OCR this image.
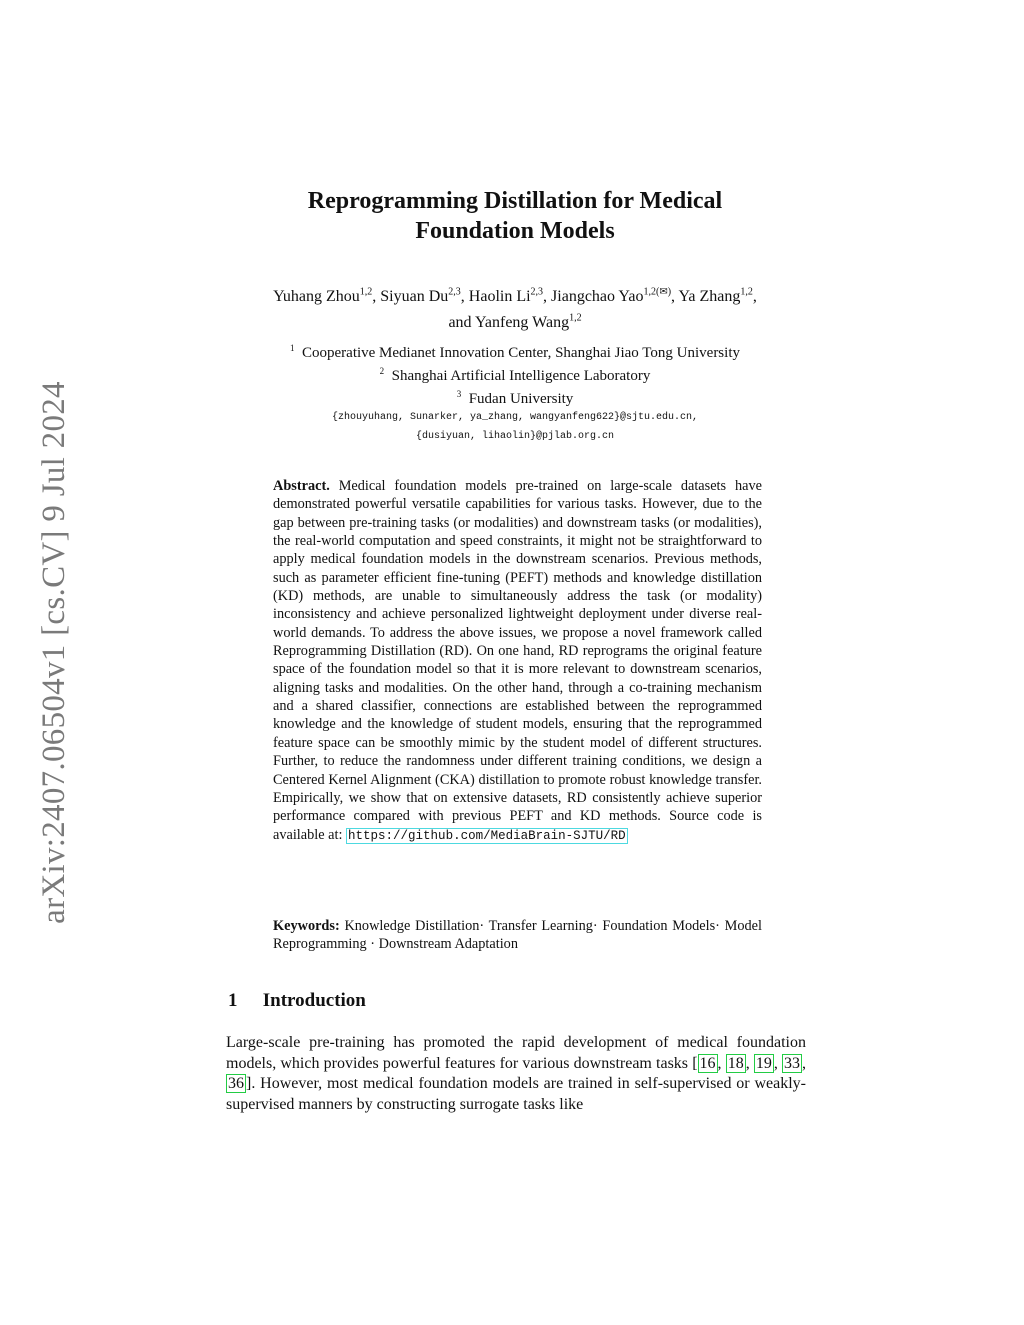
arXiv:2407.06504v1 [cs.CV] 9 Jul 2024
Reprogramming Distillation for Medical
Foundation Models
Yuhang Zhou$^{1,2}$, Siyuan Du$^{2,3}$, Haolin Li$^{2,3}$, Jiangchao Yao$^{1,2(✉)}$, Ya Zhang$^{1,2}$,
and Yanfeng Wang$^{1,2}$
$^1$ Cooperative Medianet Innovation Center, Shanghai Jiao Tong University
$^2$ Shanghai Artificial Intelligence Laboratory
$^3$ Fudan University
{zhouyuhang, Sunarker, ya_zhang, wangyanfeng622}@sjtu.edu.cn,
{dusiyuan, lihaolin}@pjlab.org.cn
Abstract. Medical foundation models pre-trained on large-scale datasets have demonstrated powerful versatile capabilities for various tasks. However, due to the gap between pre-training tasks (or modalities) and downstream tasks (or modalities), the real-world computation and speed constraints, it might not be straightforward to apply medical foundation models in the downstream scenarios. Previous methods, such as parameter efficient fine-tuning (PEFT) methods and knowledge distillation (KD) methods, are unable to simultaneously address the task (or modality) inconsistency and achieve personalized lightweight deployment under diverse real-world demands. To address the above issues, we propose a novel framework called Reprogramming Distillation (RD). On one hand, RD reprograms the original feature space of the foundation model so that it is more relevant to downstream scenarios, aligning tasks and modalities. On the other hand, through a co-training mechanism and a shared classifier, connections are established between the reprogrammed knowledge and the knowledge of student models, ensuring that the reprogrammed feature space can be smoothly mimic by the student model of different structures. Further, to reduce the randomness under different training conditions, we design a Centered Kernel Alignment (CKA) distillation to promote robust knowledge transfer. Empirically, we show that on extensive datasets, RD consistently achieve superior performance compared with previous PEFT and KD methods. Source code is available at: https://github.com/MediaBrain-SJTU/RD
Keywords: Knowledge Distillation· Transfer Learning· Foundation Models· Model Reprogramming · Downstream Adaptation
1 Introduction
Large-scale pre-training has promoted the rapid development of medical foundation models, which provides powerful features for various downstream tasks [ 16 , 18 , 19 , 33 , 36 ]. However, most medical foundation models are trained in self-supervised or weakly-supervised manners by constructing surrogate tasks like
